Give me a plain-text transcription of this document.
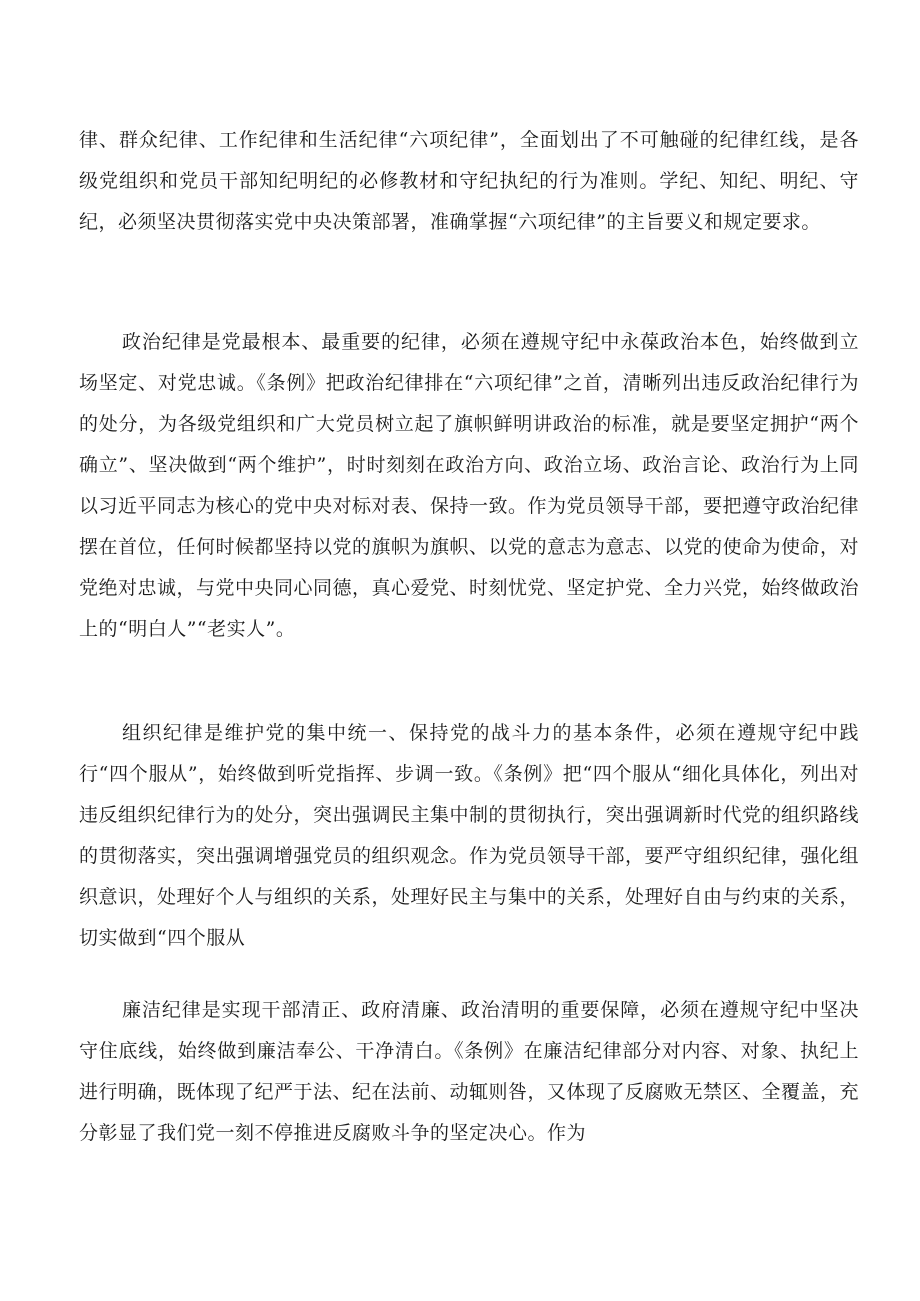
律、群众纪律、工作纪律和生活纪律“六项纪律”，全面划出了不可触碰的纪律红线，是各级党组织和党员干部知纪明纪的必修教材和守纪执纪的行为准则。学纪、知纪、明纪、守纪，必须坚决贯彻落实党中央决策部署，准确掌握“六项纪律”的主旨要义和规定要求。

政治纪律是党最根本、最重要的纪律，必须在遵规守纪中永葆政治本色，始终做到立场坚定、对党忠诚。《条例》把政治纪律排在“六项纪律”之首，清晰列出违反政治纪律行为的处分，为各级党组织和广大党员树立起了旗帜鲜明讲政治的标准，就是要坚定拥护“两个确立”、坚决做到“两个维护”，时时刻刻在政治方向、政治立场、政治言论、政治行为上同以习近平同志为核心的党中央对标对表、保持一致。作为党员领导干部，要把遵守政治纪律摆在首位，任何时候都坚持以党的旗帜为旗帜、以党的意志为意志、以党的使命为使命，对党绝对忠诚，与党中央同心同德，真心爱党、时刻忧党、坚定护党、全力兴党，始终做政治上的“明白人”“老实人”。

组织纪律是维护党的集中统一、保持党的战斗力的基本条件，必须在遵规守纪中践行“四个服从”，始终做到听党指挥、步调一致。《条例》把“四个服从“细化具体化，列出对违反组织纪律行为的处分，突出强调民主集中制的贯彻执行，突出强调新时代党的组织路线的贯彻落实，突出强调增强党员的组织观念。作为党员领导干部，要严守组织纪律，强化组织意识，处理好个人与组织的关系，处理好民主与集中的关系，处理好自由与约束的关系，切实做到“四个服从

廉洁纪律是实现干部清正、政府清廉、政治清明的重要保障，必须在遵规守纪中坚决守住底线，始终做到廉洁奉公、干净清白。《条例》在廉洁纪律部分对内容、对象、执纪上进行明确，既体现了纪严于法、纪在法前、动辄则咎，又体现了反腐败无禁区、全覆盖，充分彰显了我们党一刻不停推进反腐败斗争的坚定决心。作为
